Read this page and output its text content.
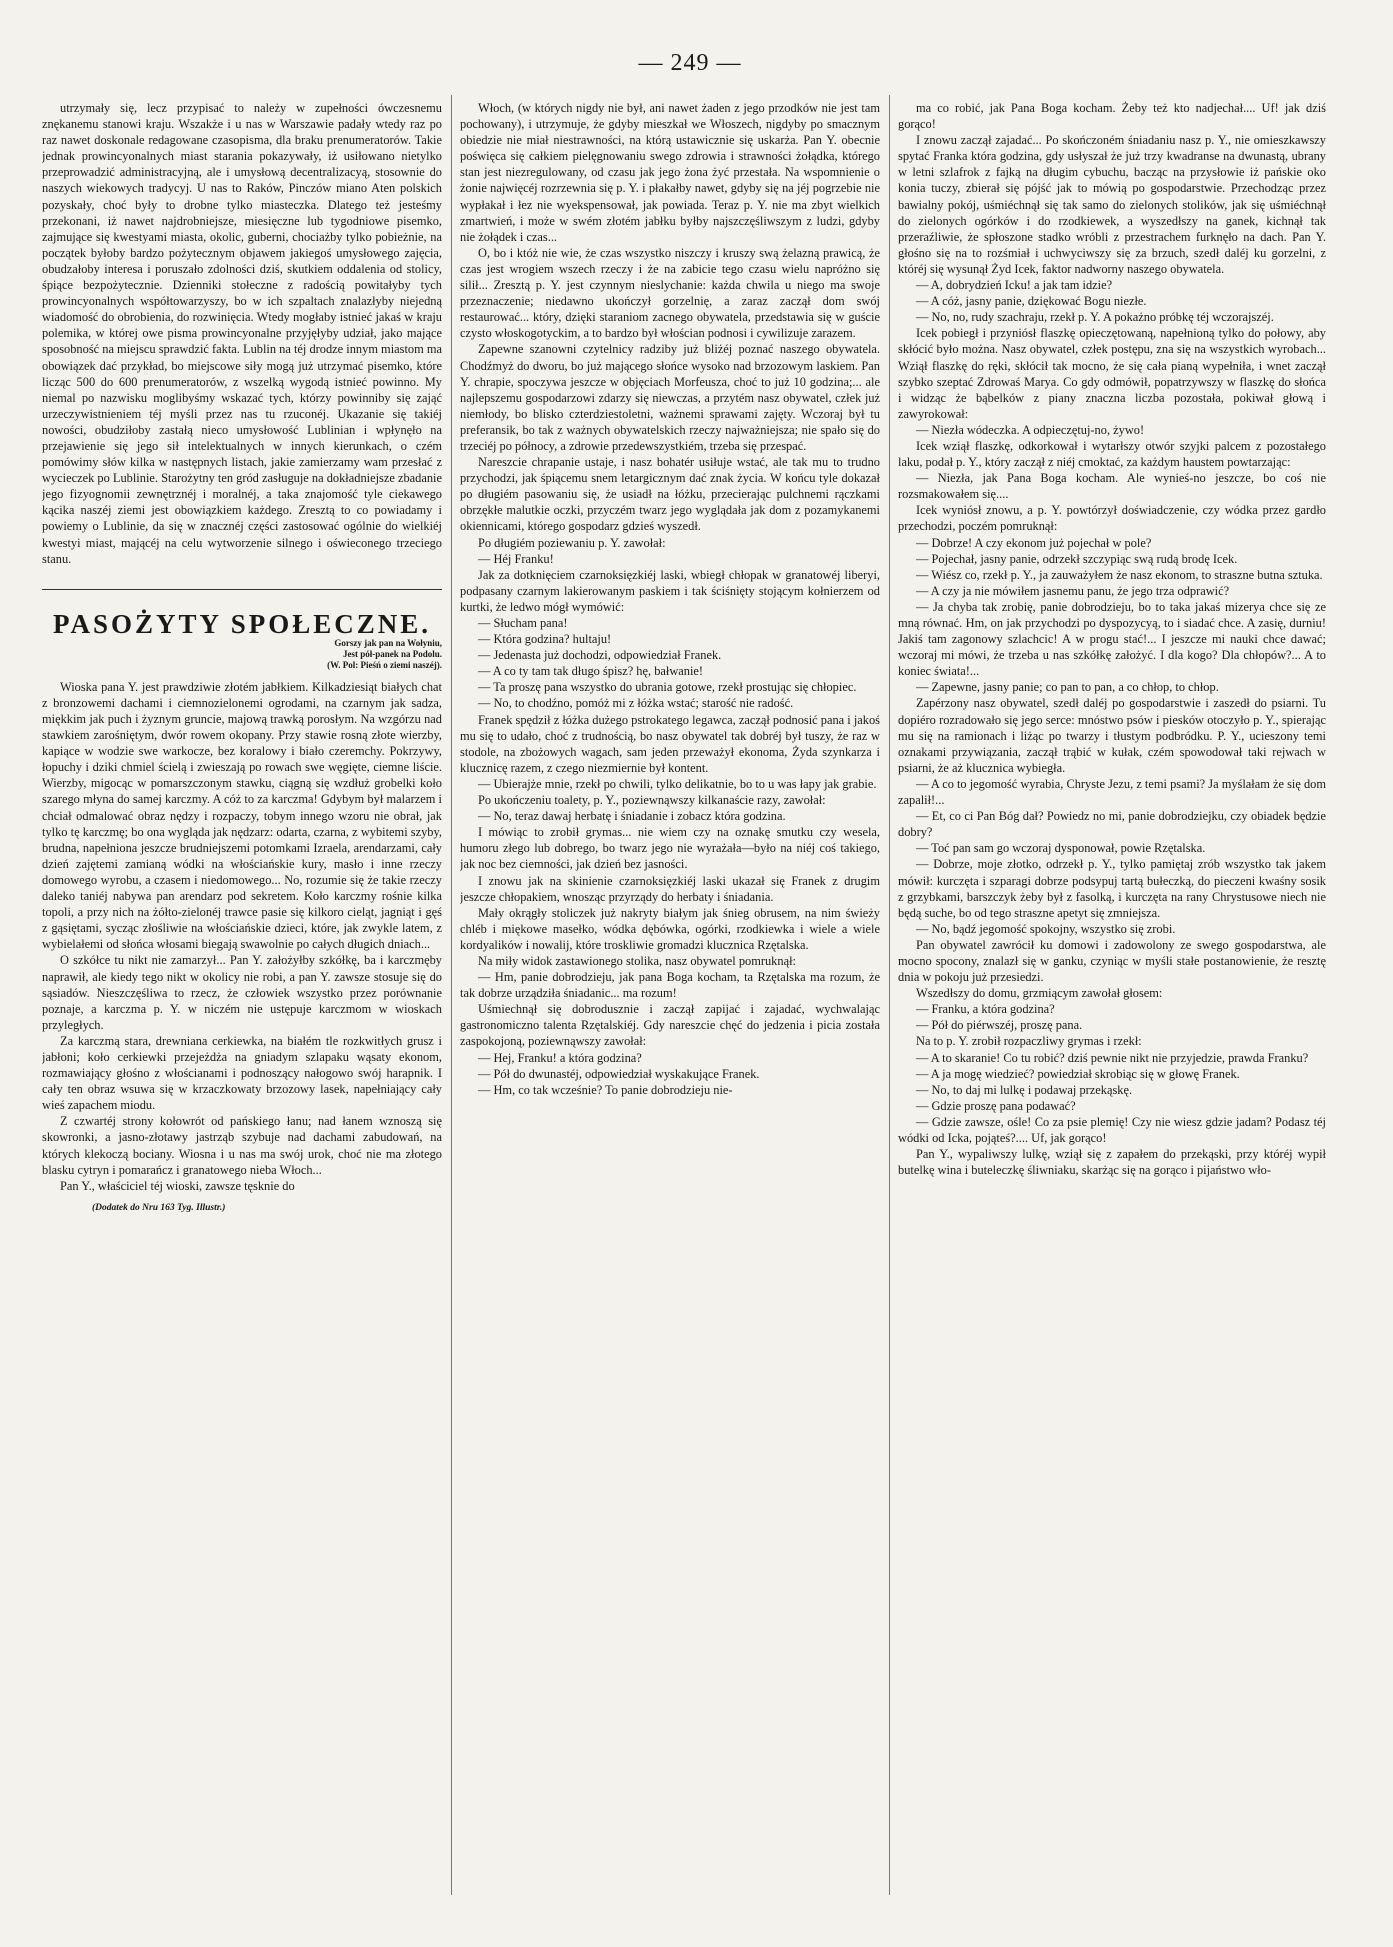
— 249 —

utrzymały się, lecz przypisać to należy w zupełności ówczesnemu znękanemu stanowi kraju. Wszakże i u nas w Warszawie padały wtedy raz po raz nawet doskonale redagowane czasopisma, dla braku prenumeratorów. Takie jednak prowincyonalnych miast starania pokazywały, iż usiłowano nietylko przeprowadzić administracyjną, ale i umysłową decentralizacyą, stosownie do naszych wiekowych tradycyj. U nas to Raków, Pinczów miano Aten polskich pozyskały, choć były to drobne tylko miasteczka. Dlatego też jesteśmy przekonani, iż nawet najdrobniejsze, miesięczne lub tygodniowe pisemko, zajmujące się kwestyami miasta, okolic, guberni, chociażby tylko pobieżnie, na początek byłoby bardzo pożytecznym objawem jakiegoś umysłowego zajęcia, obudzałoby interesa i poruszało zdolności dziś, skutkiem oddalenia od stolicy, śpiące bezpożytecznie. Dzienniki stołeczne z radością powitałyby tych prowincyonalnych współtowarzyszy, bo w ich szpaltach znalazłyby niejedną wiadomość do obrobienia, do rozwinięcia. Wtedy mogłaby istnieć jakaś w kraju polemika, w której owe pisma prowincyonalne przyjęłyby udział, jako mające sposobność na miejscu sprawdzić fakta. Lublin na téj drodze innym miastom ma obowiązek dać przykład, bo miejscowe siły mogą już utrzymać pisemko, które licząc 500 do 600 prenumeratorów, z wszelką wygodą istnieć powinno. My niemal po nazwisku moglibyśmy wskazać tych, którzy powinniby się zająć urzeczywistnieniem téj myśli przez nas tu rzuconéj. Ukazanie się takiéj nowości, obudziłoby zastałą nieco umysłowość Lublinian i wpłynęło na przejawienie się jego sił intelektualnych w innych kierunkach, o czém pomówimy słów kilka w następnych listach, jakie zamierzamy wam przesłać z wycieczek po Lublinie. Starożytny ten gród zasługuje na dokładniejsze zbadanie jego fizyognomii zewnętrznéj i moralnéj, a taka znajomość tyle ciekawego kącika naszéj ziemi jest obowiązkiem każdego. Zresztą to co powiadamy i powiemy o Lublinie, da się w znacznéj części zastosować ogólnie do wielkiéj kwestyi miast, mającéj na celu wytworzenie silnego i oświeconego trzeciego stanu.

PASOŻYTY SPOŁECZNE.
Gorszy jak pan na Wołyniu,
Jest pół-panek na Podolu.
(W. Pol: Pieśń o ziemi naszéj).

Wioska pana Y. jest prawdziwie złotém jabłkiem. Kilkadziesiąt białych chat z bronzowemi dachami i ciemnozielonemi ogrodami, na czarnym jak sadza, miękkim jak puch i żyznym gruncie, majową trawką porosłym. Na wzgórzu nad stawkiem zarośniętym, dwór rowem okopany. Przy stawie rosną złote wierzby, kapiące w wodzie swe warkocze, bez koralowy i biało czeremchy. Pokrzywy, łopuchy i dziki chmiel ścielą i zwieszają po rowach swe węgięte, ciemne liście. Wierzby, migocąc w pomarszczonym stawku, ciągną się wzdłuż grobelki koło szarego młyna do samej karczmy. A cóż to za karczma! Gdybym był malarzem i chciał odmalować obraz nędzy i rozpaczy, tobym innego wzoru nie obrał, jak tylko tę karczmę; bo ona wygląda jak nędzarz: odarta, czarna, z wybitemi szyby, brudna, napełniona jeszcze brudniejszemi potomkami Izraela, arendarzami, cały dzień zajętemi zamianą wódki na włościańskie kury, masło i inne rzeczy domowego wyrobu, a czasem i niedomowego... No, rozumie się że takie rzeczy daleko taniéj nabywa pan arendarz pod sekretem. Koło karczmy rośnie kilka topoli, a przy nich na żółto-zielonéj trawce pasie się kilkoro cieląt, jagniąt i gęś z gąsiętami, sycząc złośliwie na włościańskie dzieci, które, jak zwykle latem, z wybielałemi od słońca włosami biegają swawolnie po całych długich dniach...

O szkółce tu nikt nie zamarzył... Pan Y. założyłby szkółkę, ba i karczmęby naprawił, ale kiedy tego nikt w okolicy nie robi, a pan Y. zawsze stosuje się do sąsiadów. Nieszczęśliwa to rzecz, że człowiek wszystko przez porównanie poznaje, a karczma p. Y. w niczém nie ustępuje karczmom w wioskach przyległych.

Za karczmą stara, drewniana cerkiewka, na białém tle rozkwitłych grusz i jabłoni; koło cerkiewki przejeżdża na gniadym szlapaku wąsaty ekonom, rozmawiający głośno z włościanami i podnoszący nałogowo swój harapnik. I cały ten obraz wsuwa się w krzaczkowaty brzozowy lasek, napełniający cały wieś zapachem miodu.

Z czwartéj strony kołowrót od pańskiego łanu; nad łanem wznoszą się skowronki, a jasno-złotawy jastrząb szybuje nad dachami zabudowań, na których klekoczą bociany. Wiosna i u nas ma swój urok, choć nie ma złotego blasku cytryn i pomarańcz i granatowego nieba Włoch...

Pan Y., właściciel téj wioski, zawsze tęsknie do

(Dodatek do Nru 163 Tyg. Illustr.)

Włoch, (w których nigdy nie był, ani nawet żaden z jego przodków nie jest tam pochowany), i utrzymuje, że gdyby mieszkał we Włoszech, nigdyby po smacznym obiedzie nie miał niestrawności, na którą ustawicznie się uskarża. Pan Y. obecnie poświęca się całkiem pielęgnowaniu swego zdrowia i strawności żołądka, którego stan jest niezregulowany, od czasu jak jego żona żyć przestała. Na wspomnienie o żonie najwięcéj rozrzewnia się p. Y. i płakałby nawet, gdyby się na jéj pogrzebie nie wypłakał i łez nie wyekspensował, jak powiada. Teraz p. Y. nie ma zbyt wielkich zmartwień, i może w swém złotém jabłku byłby najszczęśliwszym z ludzi, gdyby nie żołądek i czas...

O, bo i któż nie wie, że czas wszystko niszczy i kruszy swą żelazną prawicą, że czas jest wrogiem wszech rzeczy i że na zabicie tego czasu wielu napróżno się silił... Zresztą p. Y. jest czynnym nieslychanie: każda chwila u niego ma swoje przeznaczenie; niedawno ukończył gorzelnię, a zaraz zaczął dom swój restaurować... który, dzięki staraniom zacnego obywatela, przedstawia się w guście czysto włoskogotyckim, a to bardzo był włościan podnosi i cywilizuje zarazem.

Zapewne szanowni czytelnicy radziby już bliżéj poznać naszego obywatela. Chodźmyż do dworu, bo już mającego słońce wysoko nad brzozowym laskiem. Pan Y. chrapie, spoczywa jeszcze w objęciach Morfeusza, choć to już 10 godzina;... ale najlepszemu gospodarzowi zdarzy się niewczas, a przytém nasz obywatel, człek już niemłody, bo blisko czterdziestoletni, ważnemi sprawami zajęty. Wczoraj był tu preferansik, bo tak z ważnych obywatelskich rzeczy najważniejsza; nie spało się do trzeciéj po północy, a zdrowie przedewszystkiém, trzeba się przespać.

Nareszcie chrapanie ustaje, i nasz bohatér usiłuje wstać, ale tak mu to trudno przychodzi, jak śpiącemu snem letargicznym dać znak życia. W końcu tyle dokazał po długiém pasowaniu się, że usiadł na łóżku, przecierając pulchnemi rączkami obrzękłe malutkie oczki, przyczém twarz jego wyglądała jak dom z pozamykanemi okiennicami, którego gospodarz gdzieś wyszedł.

Po długiém poziewaniu p. Y. zawołał:

— Héj Franku!

Jak za dotknięciem czarnoksięzkiéj laski, wbiegł chłopak w granatowéj liberyi, podpasany czarnym lakierowanym paskiem i tak ściśnięty stojącym kołnierzem od kurtki, że ledwo mógł wymówić:

— Słucham pana!

— Która godzina? hultaju!

— Jedenasta już dochodzi, odpowiedział Franek.

— A co ty tam tak długo śpisz? hę, bałwanie!

— Ta proszę pana wszystko do ubrania gotowe, rzekł prostując się chłopiec.

— No, to chodźno, pomóż mi z łóżka wstać; starość nie radość.

Franek spędził z łóżka dużego pstrokatego legawca, zaczął podnosić pana i jakoś mu się to udało, choć z trudnością, bo nasz obywatel tak dobréj był tuszy, że raz w stodole, na zbożowych wagach, sam jeden przeważył ekonoma, Żyda szynkarza i klucznicę razem, z czego niezmiernie był kontent.

— Ubierajże mnie, rzekł po chwili, tylko delikatnie, bo to u was łapy jak grabie.

Po ukończeniu toalety, p. Y., poziewnąwszy kilkanaście razy, zawołał:

— No, teraz dawaj herbatę i śniadanie i zobacz która godzina.

I mówiąc to zrobił grymas... nie wiem czy na oznakę smutku czy wesela, humoru złego lub dobrego, bo twarz jego nie wyrażała—było na niéj coś takiego, jak noc bez ciemności, jak dzień bez jasności.

I znowu jak na skinienie czarnoksięzkiéj laski ukazał się Franek z drugim jeszcze chłopakiem, wnosząc przyrządy do herbaty i śniadania.

Mały okrągły stoliczek już nakryty białym jak śnieg obrusem, na nim świeży chléb i miękowe masełko, wódka dębówka, ogórki, rzodkiewka i wiele a wiele kordyalików i nowalij, które troskliwie gromadzi klucznica Rzętalska.

Na miły widok zastawionego stolika, nasz obywatel pomruknął:

— Hm, panie dobrodzieju, jak pana Boga kocham, ta Rzętalska ma rozum, że tak dobrze urządziła śniadanic... ma rozum!

Uśmiechnął się dobrodusznie i zaczął zapijać i zajadać, wychwalając gastronomiczno talenta Rzętalskiéj. Gdy nareszcie chęć do jedzenia i picia została zaspokojoną, poziewnąwszy zawołał:

— Hej, Franku! a która godzina?

— Pół do dwunastéj, odpowiedział wyskakujące Franek.

— Hm, co tak wcześnie? To panie dobrodzieju nie-

ma co robić, jak Pana Boga kocham. Żeby też kto nadjechał.... Uf! jak dziś gorąco!

I znowu zaczął zajadać... Po skończoném śniadaniu nasz p. Y., nie omieszkawszy spytać Franka która godzina, gdy usłyszał że już trzy kwadranse na dwunastą, ubrany w letni szlafrok z fajką na długim cybuchu, bacząc na przysłowie iż pańskie oko konia tuczy, zbierał się pójść jak to mówią po gospodarstwie. Przechodząc przez bawialny pokój, uśmiéchnął się tak samo do zielonych stolików, jak się uśmiéchnął do zielonych ogórków i do rzodkiewek, a wyszedłszy na ganek, kichnął tak przeraźliwie, że spłoszone stadko wróbli z przestrachem furknęło na dach. Pan Y. głośno się na to rozśmiał i uchwyciwszy się za brzuch, szedł daléj ku gorzelni, z któréj się wysunął Żyd Icek, faktor nadworny naszego obywatela.

— A, dobrydzień Icku! a jak tam idzie?

— A cóż, jasny panie, dziękować Bogu niezłe.

— No, no, rudy szachraju, rzekł p. Y. A pokażno próbkę téj wczorajszéj.

Icek pobiegł i przyniósł flaszkę opieczętowaną, napełnioną tylko do połowy, aby skłócić było można. Nasz obywatel, człek postępu, zna się na wszystkich wyrobach... Wziął flaszkę do ręki, skłócił tak mocno, że się cała pianą wypełniła, i wnet zaczął szybko szeptać Zdrowaś Marya. Co gdy odmówił, popatrzywszy w flaszkę do słońca i widząc że bąbelków z piany znaczna liczba pozostała, pokiwał głową i zawyrokował:

— Niezła wódeczka. A odpieczętuj-no, żywo!

Icek wziął flaszkę, odkorkował i wytarłszy otwór szyjki palcem z pozostałego laku, podał p. Y., który zaczął z niéj cmoktać, za każdym haustem powtarzając:

— Niezła, jak Pana Boga kocham. Ale wynieś-no jeszcze, bo coś nie rozsmakowałem się....

Icek wyniósł znowu, a p. Y. powtórzył doświadczenie, czy wódka przez gardło przechodzi, poczém pomruknął:

— Dobrze! A czy ekonom już pojechał w pole?

— Pojechał, jasny panie, odrzekł szczypiąc swą rudą brodę Icek.

— Wiész co, rzekł p. Y., ja zauważyłem że nasz ekonom, to straszne butna sztuka.

— A czy ja nie mówiłem jasnemu panu, że jego trza odprawić?

— Ja chyba tak zrobię, panie dobrodzieju, bo to taka jakaś mizerya chce się ze mną równać. Hm, on jak przychodzi po dyspozycyą, to i siadać chce. A zasię, durniu! Jakiś tam zagonowy szlachcic! A w progu stać!... I jeszcze mi nauki chce dawać; wczoraj mi mówi, że trzeba u nas szkółkę założyć. I dla kogo? Dla chłopów?... A to koniec świata!...

— Zapewne, jasny panie; co pan to pan, a co chłop, to chłop.

Zapérzony nasz obywatel, szedł daléj po gospodarstwie i zaszedł do psiarni. Tu dopiéro rozradowało się jego serce: mnóstwo psów i piesków otoczyło p. Y., spierając mu się na ramionach i liżąc po twarzy i tłustym podbródku. P. Y., ucieszony temi oznakami przywiązania, zaczął trąbić w kułak, czém spowodował taki rejwach w psiarni, że aż klucznica wybiegła.

— A co to jegomość wyrabia, Chryste Jezu, z temi psami? Ja myślałam że się dom zapalił!...

— Et, co ci Pan Bóg dał? Powiedz no mi, panie dobrodziejku, czy obiadek będzie dobry?

— Toć pan sam go wczoraj dysponował, powie Rzętalska.

— Dobrze, moje złotko, odrzekł p. Y., tylko pamiętaj zrób wszystko tak jakem mówił: kurczęta i szparagi dobrze podsypuj tartą bułeczką, do pieczeni kwaśny sosik z grzybkami, barszczyk żeby był z fasolką, i kurczęta na rany Chrystusowe niech nie będą suche, bo od tego straszne apetyt się zmniejsza.

— No, bądź jegomość spokojny, wszystko się zrobi.

Pan obywatel zawrócił ku domowi i zadowolony ze swego gospodarstwa, ale mocno spocony, znalazł się w ganku, czyniąc w myśli stałe postanowienie, że resztę dnia w pokoju już przesiedzi.

Wszedłszy do domu, grzmiącym zawołał głosem:

— Franku, a która godzina?

— Pół do piérwszéj, proszę pana.

Na to p. Y. zrobił rozpaczliwy grymas i rzekł:

— A to skaranie! Co tu robić? dziś pewnie nikt nie przyjedzie, prawda Franku?

— A ja mogę wiedzieć? powiedział skrobiąc się w głowę Franek.

— No, to daj mi lulkę i podawaj przekąskę.

— Gdzie proszę pana podawać?

— Gdzie zawsze, ośle! Co za psie plemię! Czy nie wiesz gdzie jadam? Podasz téj wódki od Icka, pojąteś?.... Uf, jak gorąco!

Pan Y., wypaliwszy lulkę, wziął się z zapałem do przekąski, przy któréj wypił butelkę wina i buteleczkę śliwniaku, skarżąc się na gorąco i pijaństwo wło-
